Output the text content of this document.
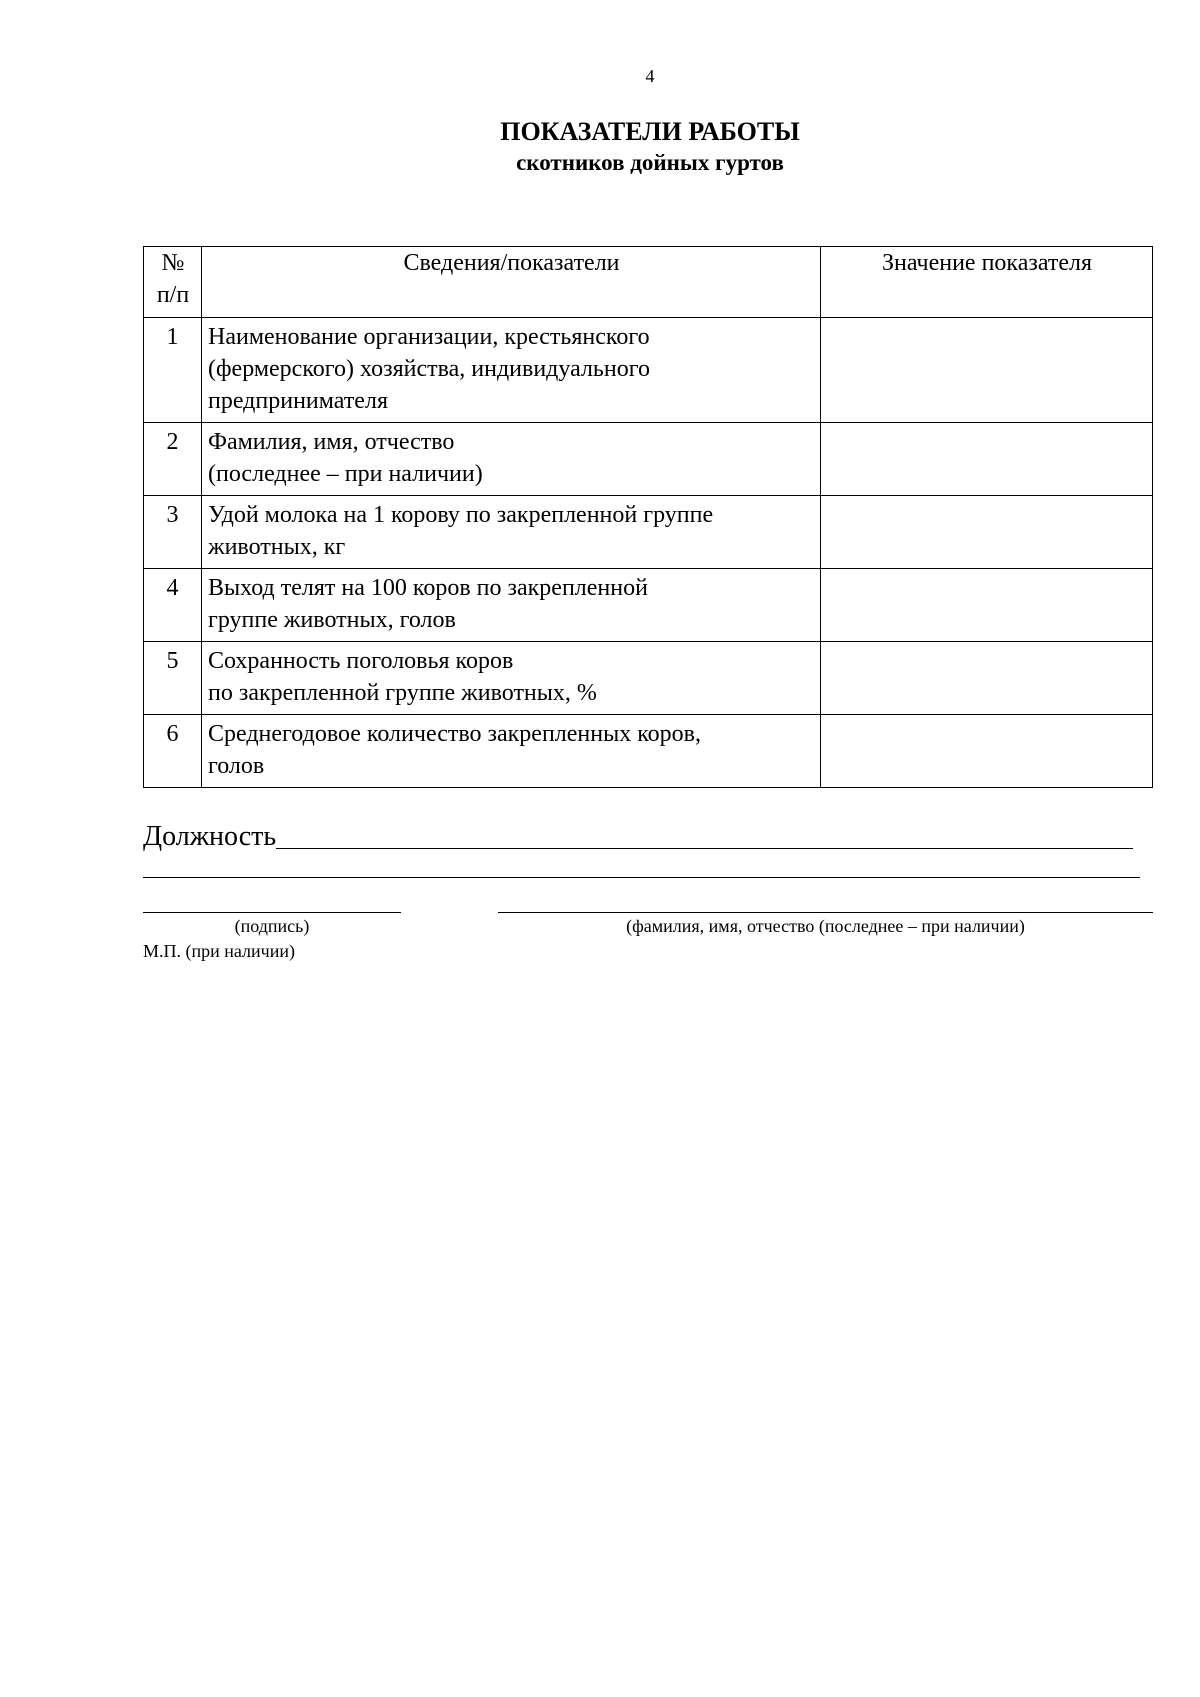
4
ПОКАЗАТЕЛИ РАБОТЫ
скотников дойных гуртов
№
п/п	Сведения/показатели	Значение показателя
1	Наименование организации, крестьянского
(фермерского) хозяйства, индивидуального
предпринимателя	
2	Фамилия, имя, отчество
(последнее – при наличии)	
3	Удой молока на 1 корову по закрепленной группе
животных, кг	
4	Выход телят на 100 коров по закрепленной
группе животных, голов	
5	Сохранность поголовья коров
по закрепленной группе животных, %	
6	Среднегодовое количество закрепленных коров,
голов	
Должность
(подпись)	(фамилия, имя, отчество (последнее – при наличии)
М.П. (при наличии)
